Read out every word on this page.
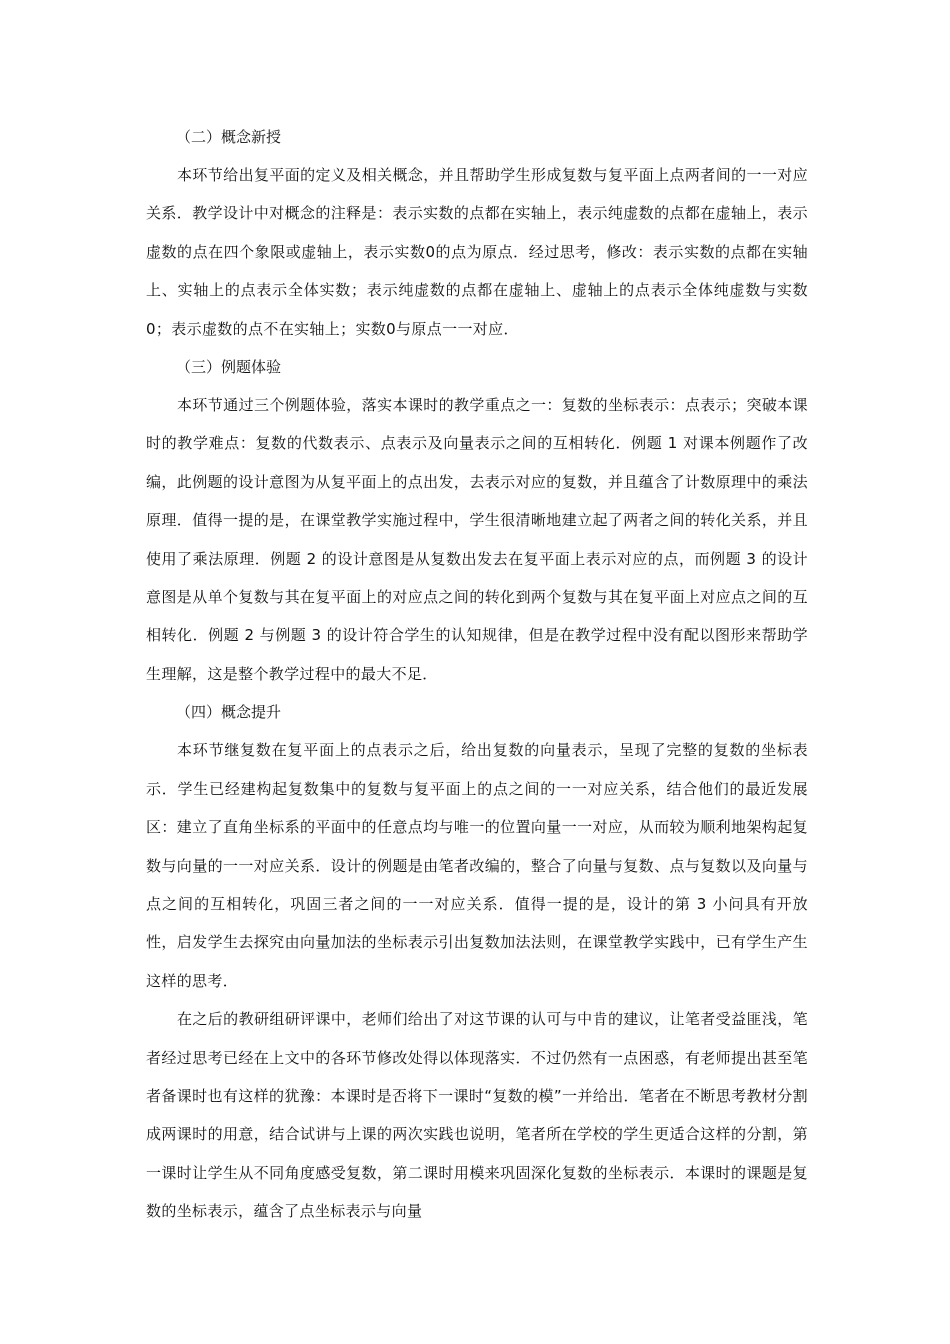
（二）概念新授

本环节给出复平面的定义及相关概念，并且帮助学生形成复数与复平面上点两者间的一一对应关系．教学设计中对概念的注释是：表示实数的点都在实轴上，表示纯虚数的点都在虚轴上，表示虚数的点在四个象限或虚轴上，表示实数0的点为原点．经过思考，修改：表示实数的点都在实轴上、实轴上的点表示全体实数；表示纯虚数的点都在虚轴上、虚轴上的点表示全体纯虚数与实数0；表示虚数的点不在实轴上；实数0与原点一一对应．

（三）例题体验

本环节通过三个例题体验，落实本课时的教学重点之一：复数的坐标表示：点表示；突破本课时的教学难点：复数的代数表示、点表示及向量表示之间的互相转化．例题 1 对课本例题作了改编，此例题的设计意图为从复平面上的点出发，去表示对应的复数，并且蕴含了计数原理中的乘法原理．值得一提的是，在课堂教学实施过程中，学生很清晰地建立起了两者之间的转化关系，并且使用了乘法原理．例题 2 的设计意图是从复数出发去在复平面上表示对应的点，而例题 3 的设计意图是从单个复数与其在复平面上的对应点之间的转化到两个复数与其在复平面上对应点之间的互相转化．例题 2 与例题 3 的设计符合学生的认知规律，但是在教学过程中没有配以图形来帮助学生理解，这是整个教学过程中的最大不足．

（四）概念提升

本环节继复数在复平面上的点表示之后，给出复数的向量表示，呈现了完整的复数的坐标表示．学生已经建构起复数集中的复数与复平面上的点之间的一一对应关系，结合他们的最近发展区：建立了直角坐标系的平面中的任意点均与唯一的位置向量一一对应，从而较为顺利地架构起复数与向量的一一对应关系．设计的例题是由笔者改编的，整合了向量与复数、点与复数以及向量与点之间的互相转化，巩固三者之间的一一对应关系．值得一提的是，设计的第 3 小问具有开放性，启发学生去探究由向量加法的坐标表示引出复数加法法则，在课堂教学实践中，已有学生产生这样的思考．

在之后的教研组研评课中，老师们给出了对这节课的认可与中肯的建议，让笔者受益匪浅，笔者经过思考已经在上文中的各环节修改处得以体现落实．不过仍然有一点困惑，有老师提出甚至笔者备课时也有这样的犹豫：本课时是否将下一课时“复数的模”一并给出．笔者在不断思考教材分割成两课时的用意，结合试讲与上课的两次实践也说明，笔者所在学校的学生更适合这样的分割，第一课时让学生从不同角度感受复数，第二课时用模来巩固深化复数的坐标表示．本课时的课题是复数的坐标表示，蕴含了点坐标表示与向量
